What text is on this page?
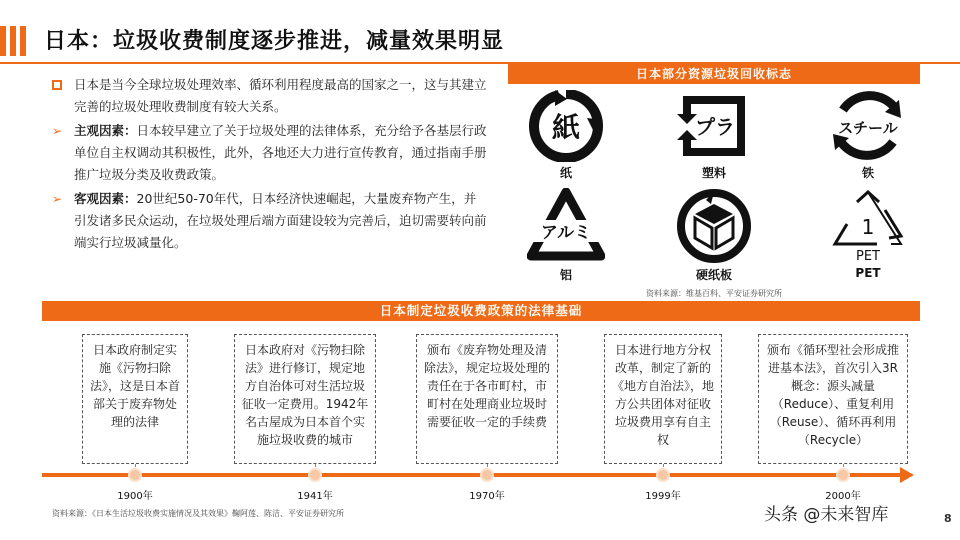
日本：垃圾收费制度逐步推进，减量效果明显
日本是当今全球垃圾处理效率、循环利用程度最高的国家之一，这与其建立完善的垃圾处理收费制度有较大关系。
➢ 主观因素：日本较早建立了关于垃圾处理的法律体系，充分给予各基层行政单位自主权调动其积极性，此外，各地还大力进行宣传教育，通过指南手册推广垃圾分类及收费政策。
➢ 客观因素：20世纪50-70年代，日本经济快速崛起，大量废弃物产生，并引发诸多民众运动，在垃圾处理后端方面建设较为完善后，迫切需要转向前端实行垃圾减量化。
日本部分资源垃圾回收标志
紙
纸
プラ
塑料
スチール
铁
アルミ
铝	硬纸板
1
PET
PET
资料来源：维基百科、平安证券研究所
日本制定垃圾收费政策的法律基础
日本政府制定实施《污物扫除法》，这是日本首部关于废弃物处理的法律
日本政府对《污物扫除法》进行修订，规定地方自治体可对生活垃圾征收一定费用。1942年名古屋成为日本首个实施垃圾收费的城市
颁布《废弃物处理及清除法》，规定垃圾处理的责任在于各市町村，市町村在处理商业垃圾时需要征收一定的手续费
日本进行地方分权改革，制定了新的《地方自治法》，地方公共团体对征收垃圾费用享有自主权
颁布《循环型社会形成推进基本法》，首次引入3R概念：源头减量（Reduce）、重复利用（Reuse）、循环再利用（Recycle）
1900年	1941年	1970年	1999年	2000年
资料来源：《日本生活垃圾收费实施情况及其效果》鞠阿莲、陈洁、平安证券研究所	头条 @未来智库	8
